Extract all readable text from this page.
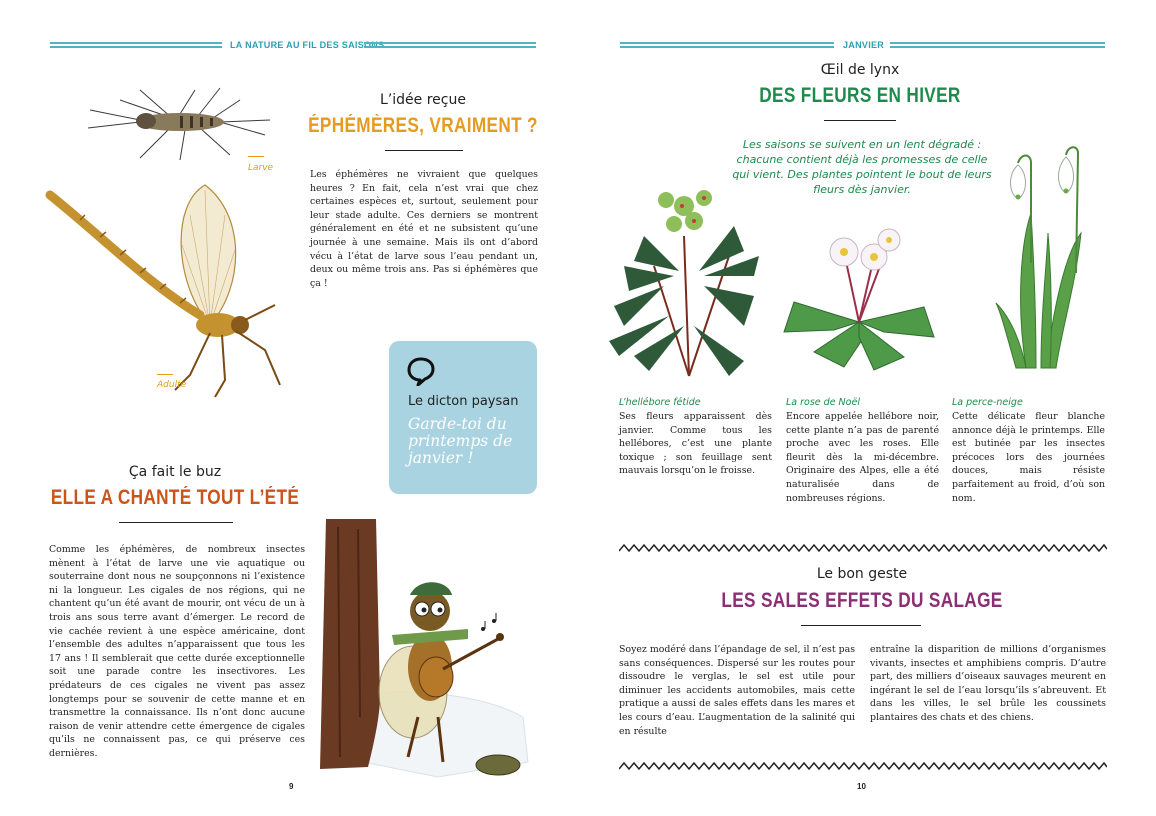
LA NATURE AU FIL DES SAISONS
Larve
Adulte
L’idée reçue
ÉPHÉMÈRES, VRAIMENT ?
Les éphémères ne vivraient que quelques heures ? En fait, cela n’est vrai que chez certaines espèces et, surtout, seulement pour leur stade adulte. Ces derniers se montrent généralement en été et ne subsistent qu’une journée à une semaine. Mais ils ont d’abord vécu à l’état de larve sous l’eau pendant un, deux ou même trois ans. Pas si éphémères que ça !
Le dicton paysan
Garde-toi du printemps de janvier !
Ça fait le buz
ELLE A CHANTÉ TOUT L’ÉTÉ
Comme les éphémères, de nombreux insectes mènent à l’état de larve une vie aquatique ou souterraine dont nous ne soupçonnons ni l’existence ni la longueur. Les cigales de nos régions, qui ne chantent qu’un été avant de mourir, ont vécu de un à trois ans sous terre avant d’émerger. Le record de vie cachée revient à une espèce américaine, dont l’ensemble des adultes n’apparaissent que tous les 17 ans ! Il semblerait que cette durée exceptionnelle soit une parade contre les insectivores. Les prédateurs de ces cigales ne vivent pas assez longtemps pour se souvenir de cette manne et en transmettre la connaissance. Ils n’ont donc aucune raison de venir attendre cette émergence de cigales qu’ils ne connaissent pas, ce qui préserve ces dernières.
9
JANVIER
Œil de lynx
DES FLEURS EN HIVER
Les saisons se suivent en un lent dégradé : chacune contient déjà les promesses de celle qui vient. Des plantes pointent le bout de leurs fleurs dès janvier.
L’hellébore fétide
Ses fleurs apparaissent dès janvier. Comme tous les hellébores, c’est une plante toxique ; son feuillage sent mauvais lorsqu’on le froisse.
La rose de Noël
Encore appelée hellébore noir, cette plante n’a pas de parenté proche avec les roses. Elle fleurit dès la mi-décembre. Originaire des Alpes, elle a été naturalisée dans de nombreuses régions.
La perce-neige
Cette délicate fleur blanche annonce déjà le printemps. Elle est butinée par les insectes précoces lors des journées douces, mais résiste parfaitement au froid, d’où son nom.
Le bon geste
LES SALES EFFETS DU SALAGE
Soyez modéré dans l’épandage de sel, il n’est pas sans conséquences. Dispersé sur les routes pour dissoudre le verglas, le sel est utile pour diminuer les accidents automobiles, mais cette pratique a aussi de sales effets dans les mares et les cours d’eau. L’augmentation de la salinité qui en résulte
entraîne la disparition de millions d’organismes vivants, insectes et amphibiens compris. D’autre part, des milliers d’oiseaux sauvages meurent en ingérant le sel de l’eau lorsqu’ils s’abreuvent. Et dans les villes, le sel brûle les coussinets plantaires des chats et des chiens.
10
